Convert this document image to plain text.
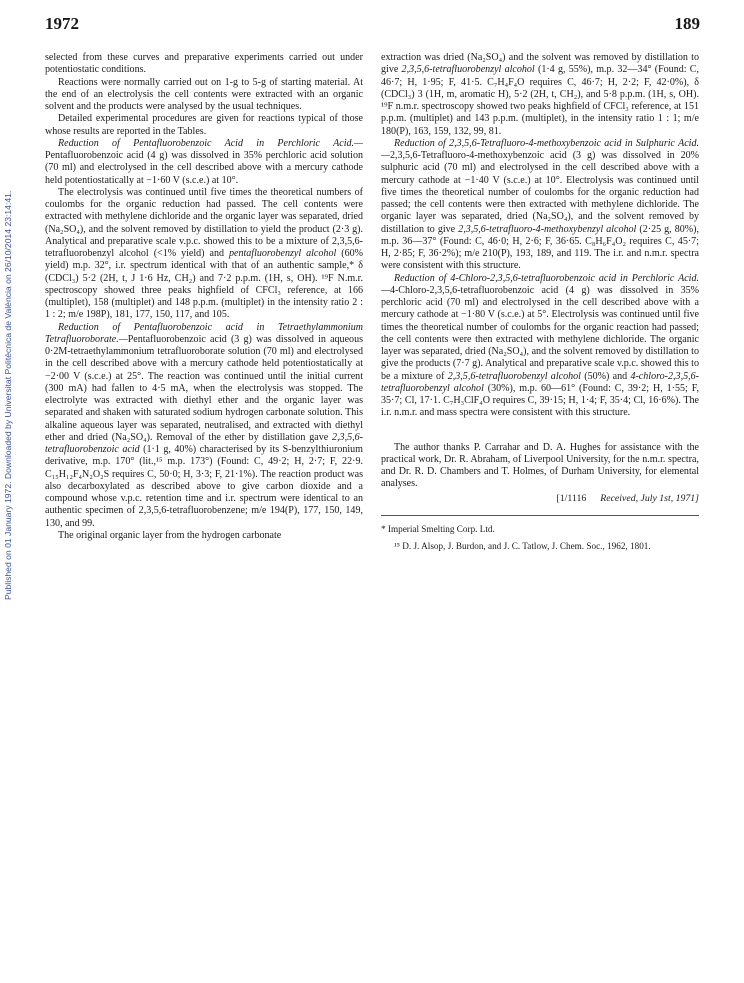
1972	189
Published on 01 January 1972. Downloaded by Universitat Politècnica de València on 26/10/2014 23:14:41.

selected from these curves and preparative experiments carried out under potentiostatic conditions.

Reactions were normally carried out on 1-g to 5-g of starting material. At the end of an electrolysis the cell contents were extracted with an organic solvent and the products were analysed by the usual techniques.

Detailed experimental procedures are given for reactions typical of those whose results are reported in the Tables.

Reduction of Pentafluorobenzoic Acid in Perchloric Acid.—Pentafluorobenzoic acid (4 g) was dissolved in 35% perchloric acid solution (70 ml) and electrolysed in the cell described above with a mercury cathode held potentiostatically at −1·60 V (s.c.e.) at 10°.

The electrolysis was continued until five times the theoretical numbers of coulombs for the organic reduction had passed. The cell contents were extracted with methylene dichloride and the organic layer was separated, dried (Na₂SO₄), and the solvent removed by distillation to yield the product (2·3 g). Analytical and preparative scale v.p.c. showed this to be a mixture of 2,3,5,6-tetrafluorobenzyl alcohol (<1% yield) and pentafluorobenzyl alcohol (60% yield) m.p. 32°, i.r. spectrum identical with that of an authentic sample,* δ (CDCl₃) 5·2 (2H, t, J 1·6 Hz, CH₂) and 7·2 p.p.m. (1H, s, OH). ¹⁹F N.m.r. spectroscopy showed three peaks highfield of CFCl₃ reference, at 166 (multiplet), 158 (multiplet) and 148 p.p.m. (multiplet) in the intensity ratio 2 : 1 : 2; m/e 198P), 181, 177, 150, 117, and 105.

Reduction of Pentafluorobenzoic acid in Tetraethylammonium Tetrafluoroborate.—Pentafluorobenzoic acid (3 g) was dissolved in aqueous 0·2M-tetraethylammonium tetrafluoroborate solution (70 ml) and electrolysed in the cell described above with a mercury cathode held potentiostatically at −2·00 V (s.c.e.) at 25°. The reaction was continued until the initial current (300 mA) had fallen to 4·5 mA, when the electrolysis was stopped. The electrolyte was extracted with diethyl ether and the organic layer was separated and shaken with saturated sodium hydrogen carbonate solution. This alkaline aqueous layer was separated, neutralised, and extracted with diethyl ether and dried (Na₂SO₄). Removal of the ether by distillation gave 2,3,5,6-tetrafluorobenzoic acid (1·1 g, 40%) characterised by its S-benzylthiuronium derivative, m.p. 170° (lit.,¹⁵ m.p. 173°) (Found: C, 49·2; H, 2·7; F, 22·9. C₁₅H₁₂F₄N₂O₂S requires C, 50·0; H, 3·3; F, 21·1%). The reaction product was also decarboxylated as described above to give carbon dioxide and a compound whose v.p.c. retention time and i.r. spectrum were identical to an authentic specimen of 2,3,5,6-tetrafluorobenzene; m/e 194(P), 177, 150, 149, 130, and 99.

The original organic layer from the hydrogen carbonate

extraction was dried (Na₂SO₄) and the solvent was removed by distillation to give 2,3,5,6-tetrafluorobenzyl alcohol (1·4 g, 55%), m.p. 32—34° (Found: C, 46·7; H, 1·95; F, 41·5. C₇H₄F₄O requires C, 46·7; H, 2·2; F, 42·0%), δ (CDCl₃) 3 (1H, m, aromatic H), 5·2 (2H, t, CH₂), and 5·8 p.p.m. (1H, s, OH). ¹⁹F n.m.r. spectroscopy showed two peaks highfield of CFCl₃ reference, at 151 p.p.m. (multiplet) and 143 p.p.m. (multiplet), in the intensity ratio 1 : 1; m/e 180(P), 163, 159, 132, 99, 81.

Reduction of 2,3,5,6-Tetrafluoro-4-methoxybenzoic acid in Sulphuric Acid.—2,3,5,6-Tetrafluoro-4-methoxybenzoic acid (3 g) was dissolved in 20% sulphuric acid (70 ml) and electrolysed in the cell described above with a mercury cathode at −1·40 V (s.c.e.) at 10°. Electrolysis was continued until five times the theoretical number of coulombs for the organic reduction had passed; the cell contents were then extracted with methylene dichloride. The organic layer was separated, dried (Na₂SO₄), and the solvent removed by distillation to give 2,3,5,6-tetrafluoro-4-methoxybenzyl alcohol (2·25 g, 80%), m.p. 36—37° (Found: C, 46·0; H, 2·6; F, 36·65. C₈H₆F₄O₂ requires C, 45·7; H, 2·85; F, 36·2%); m/e 210(P), 193, 189, and 119. The i.r. and n.m.r. spectra were consistent with this structure.

Reduction of 4-Chloro-2,3,5,6-tetrafluorobenzoic acid in Perchloric Acid.—4-Chloro-2,3,5,6-tetrafluorobenzoic acid (4 g) was dissolved in 35% perchloric acid (70 ml) and electrolysed in the cell described above with a mercury cathode at −1·80 V (s.c.e.) at 5°. Electrolysis was continued until five times the theoretical number of coulombs for the organic reaction had passed; the cell contents were then extracted with methylene dichloride. The organic layer was separated, dried (Na₂SO₄), and the solvent removed by distillation to give the products (7·7 g). Analytical and preparative scale v.p.c. showed this to be a mixture of 2,3,5,6-tetrafluorobenzyl alcohol (50%) and 4-chloro-2,3,5,6-tetrafluorobenzyl alcohol (30%), m.p. 60—61° (Found: C, 39·2; H, 1·55; F, 35·7; Cl, 17·1. C₇H₃ClF₄O requires C, 39·15; H, 1·4; F, 35·4; Cl, 16·6%). The i.r. n.m.r. and mass spectra were consistent with this structure.

The author thanks P. Carrahar and D. A. Hughes for assistance with the practical work, Dr. R. Abraham, of Liverpool University, for the n.m.r. spectra, and Dr. R. D. Chambers and T. Holmes, of Durham University, for elemental analyses.

[1/1116 Received, July 1st, 1971]

* Imperial Smelting Corp. Ltd.

¹⁵ D. J. Alsop, J. Burdon, and J. C. Tatlow, J. Chem. Soc., 1962, 1801.
